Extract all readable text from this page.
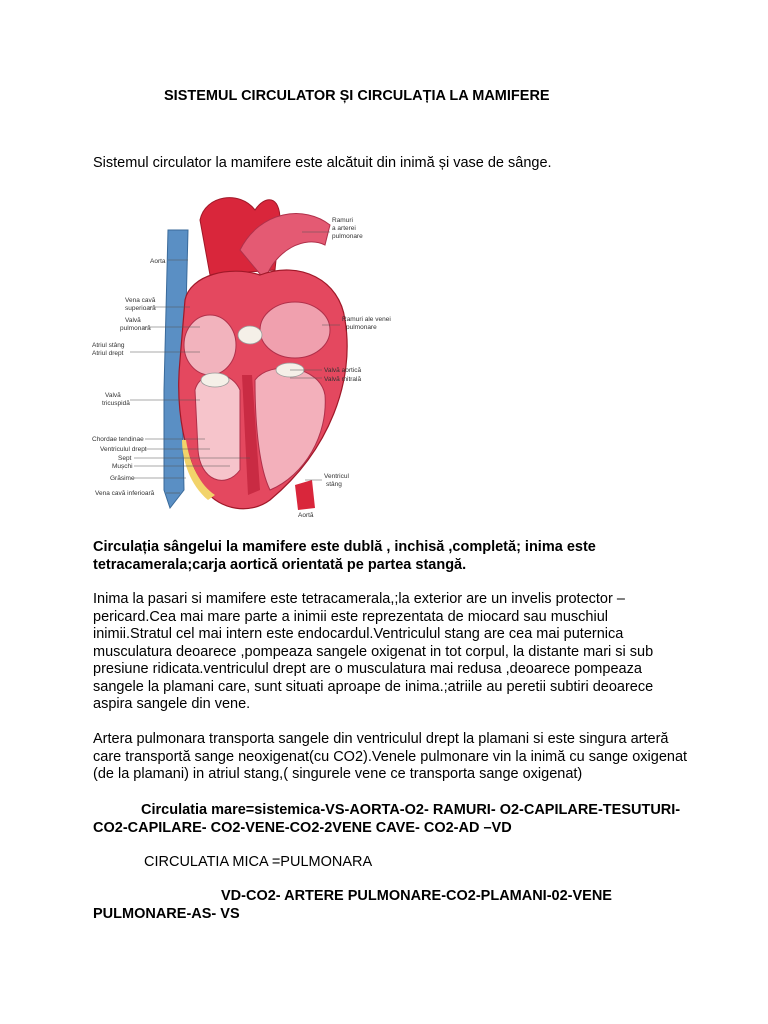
SISTEMUL CIRCULATOR ȘI CIRCULAȚIA LA MAMIFERE
Sistemul circulator la mamifere este alcătuit din inimă și vase de sânge.
Aorta
Ramuri
a arterei
pulmonare
Vena cavă
superioară
Valvă
pulmonară
Atriul stâng
Atriul drept
Ramuri ale venei
pulmonare
Valvă aortică
Valvă mitrală
Valvă
tricuspidă
Chordae tendinae
Ventriculul drept
Sept
Mușchi
Grăsime
Vena cavă inferioară
Ventricul
stâng
Aortă
Circulația sângelui la mamifere este dublă , inchisă ,completă; inima este
tetracamerala;carja aortică orientată pe partea stangă.
Inima la pasari si mamifere este tetracamerala,;la exterior are un invelis protector –
pericard.Cea mai mare parte a inimii este reprezentata de miocard sau muschiul
inimii.Stratul cel mai intern este endocardul.Ventriculul stang are cea mai puternica
musculatura deoarece ,pompeaza sangele oxigenat in tot corpul, la distante mari si sub
presiune ridicata.ventriculul drept are o musculatura mai redusa ,deoarece pompeaza
sangele la plamani care, sunt situati aproape de inima.;atriile au peretii subtiri deoarece
aspira sangele din vene.
Artera pulmonara transporta sangele din ventriculul drept la plamani si este singura arteră
care transportă sange neoxigenat(cu CO2).Venele pulmonare vin la inimă cu sange oxigenat
(de la plamani) in atriul stang,( singurele vene ce transporta sange oxigenat)
Circulatia mare=sistemica-VS-AORTA-O2- RAMURI- O2-CAPILARE-TESUTURI-
CO2-CAPILARE- CO2-VENE-CO2-2VENE CAVE- CO2-AD –VD
CIRCULATIA MICA =PULMONARA
VD-CO2- ARTERE PULMONARE-CO2-PLAMANI-02-VENE
PULMONARE-AS- VS
